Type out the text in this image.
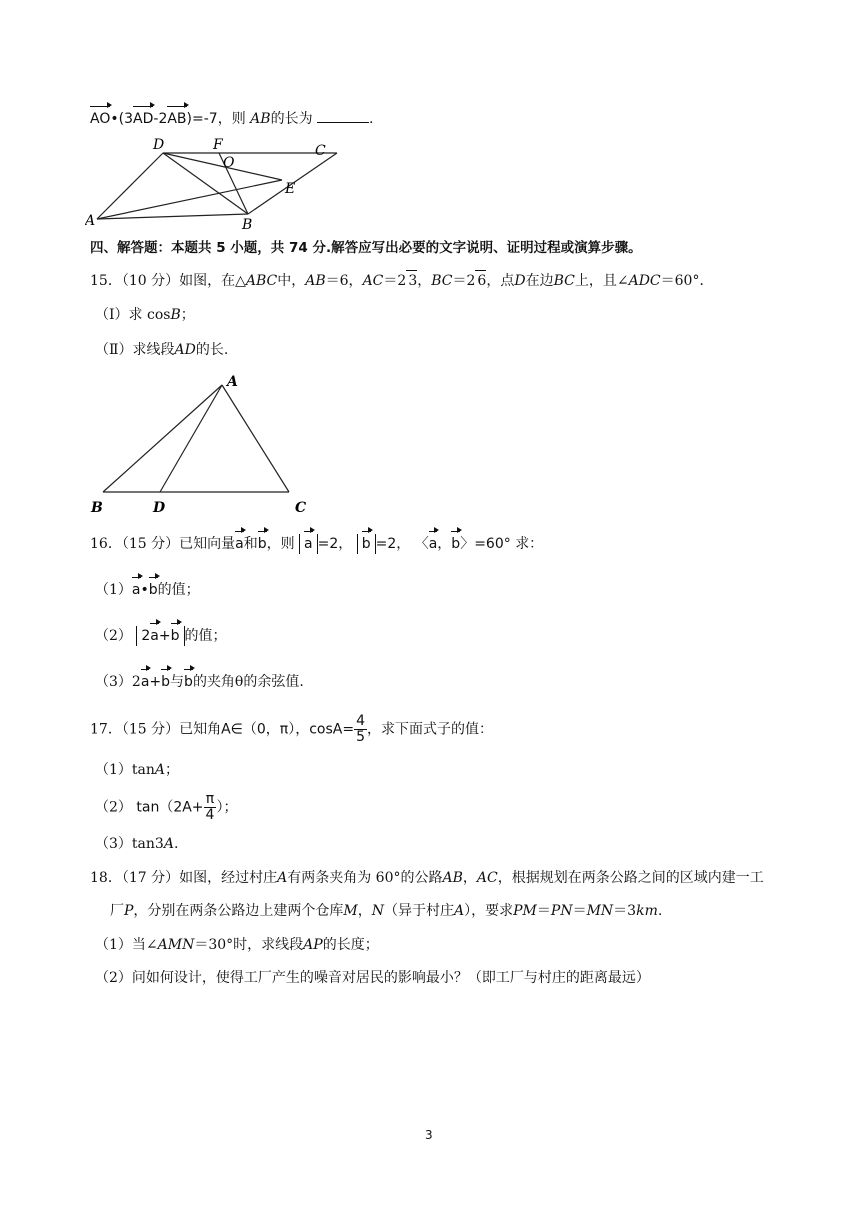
AO•(3AD-2AB)=-7，则 AB的长为	.
A	B
C
D
E
F
O
四、解答题：本题共 5 小题，共 74 分.解答应写出必要的文字说明、证明过程或演算步骤。
15．（10 分）如图，在△ABC中，AB＝6，AC＝2 3，BC＝2 6，点D在边BC上，且∠ADC＝60°．
（Ⅰ）求 cosB；
（Ⅱ）求线段AD的长.
A
B	D	C
16．（15 分）已知向量a和b，则 a =2， b =2， 〈a，b〉=60° 求：
（1）a•b的值；
（2） 2a+b 的值；
（3）2a+b与b的夹角θ的余弦值.
17．（15 分）已知角A∈（0，π），$\cos A= \frac{4}{5}$ ，求下面式子的值：
（1）tanA；
（2） $\tan(2A+ \frac{\pi}{4}$ ）；
（3）tan3A.
18．（17 分）如图，经过村庄A有两条夹角为 60°的公路AB，AC，根据规划在两条公路之间的区域内建一工
厂P，分别在两条公路边上建两个仓库M，N（异于村庄A），要求PM＝PN＝MN＝3km.
（1）当∠AMN＝30°时，求线段AP的长度；
（2）问如何设计，使得工厂产生的噪音对居民的影响最小？（即工厂与村庄的距离最远）
3
